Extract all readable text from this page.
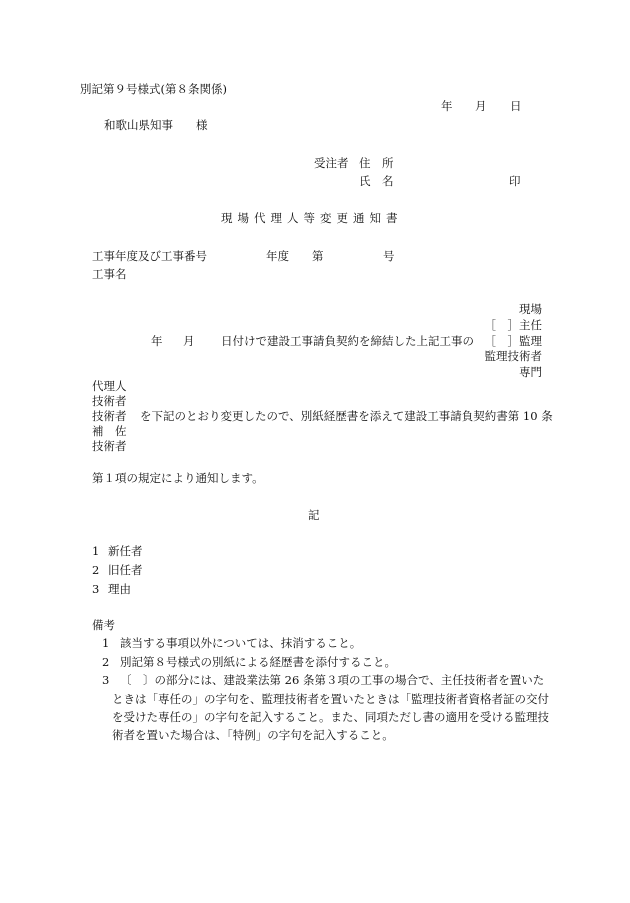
別記第９号様式(第８条関係)
年 月 日
和歌山県知事 様
受注者 住　所
氏　名	印
現場代理人等変更通知書
工事年度及び工事番号	年度 第	号
工事名
現場
［　］主任
年 月 日付けで建設工事請負契約を締結した上記工事の ［　］監理
監理技術者
専門
代理人
技術者
技術者 を下記のとおり変更したので、別紙経歴書を添えて建設工事請負契約書第 10 条
補　佐
技術者
第１項の規定により通知します。
記
1 新任者
2 旧任者
3 理由
備考
1 該当する事項以外については、抹消すること。
2 別記第８号様式の別紙による経歴書を添付すること。
3 〔　〕の部分には、建設業法第 26 条第３項の工事の場合で、主任技術者を置いた
ときは「専任の」の字句を、監理技術者を置いたときは「監理技術者資格者証の交付
を受けた専任の」の字句を記入すること。また、同項ただし書の適用を受ける監理技
術者を置いた場合は、「特例」の字句を記入すること。
